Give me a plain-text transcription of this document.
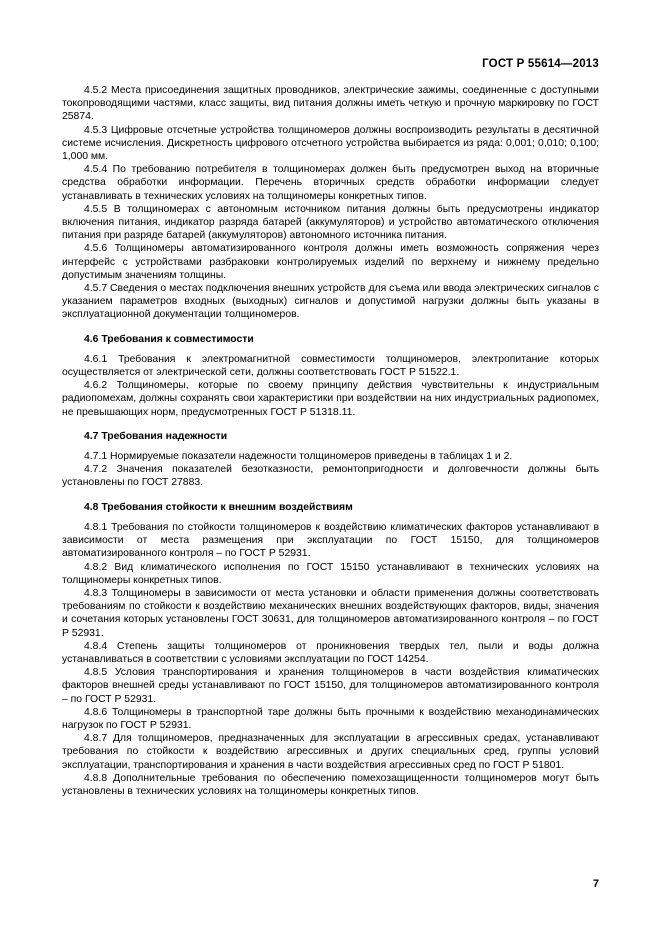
ГОСТ Р 55614—2013

4.5.2 Места присоединения защитных проводников, электрические зажимы, соединенные с доступными токопроводящими частями, класс защиты, вид питания должны иметь четкую и прочную маркировку по ГОСТ 25874.

4.5.3 Цифровые отсчетные устройства толщиномеров должны воспроизводить результаты в десятичной системе исчисления. Дискретность цифрового отсчетного устройства выбирается из ряда: 0,001; 0,010; 0,100; 1,000 мм.

4.5.4 По требованию потребителя в толщиномерах должен быть предусмотрен выход на вторичные средства обработки информации. Перечень вторичных средств обработки информации следует устанавливать в технических условиях на толщиномеры конкретных типов.

4.5.5 В толщиномерах с автономным источником питания должны быть предусмотрены индикатор включения питания, индикатор разряда батарей (аккумуляторов) и устройство автоматического отключения питания при разряде батарей (аккумуляторов) автономного источника питания.

4.5.6 Толщиномеры автоматизированного контроля должны иметь возможность сопряжения через интерфейс с устройствами разбраковки контролируемых изделий по верхнему и нижнему предельно допустимым значениям толщины.

4.5.7 Сведения о местах подключения внешних устройств для съема или ввода электрических сигналов с указанием параметров входных (выходных) сигналов и допустимой нагрузки должны быть указаны в эксплуатационной документации толщиномеров.

4.6 Требования к совместимости

4.6.1 Требования к электромагнитной совместимости толщиномеров, электропитание которых осуществляется от электрической сети, должны соответствовать ГОСТ Р 51522.1.

4.6.2 Толщиномеры, которые по своему принципу действия чувствительны к индустриальным радиопомехам, должны сохранять свои характеристики при воздействии на них индустриальных радиопомех, не превышающих норм, предусмотренных ГОСТ Р 51318.11.

4.7 Требования надежности

4.7.1 Нормируемые показатели надежности толщиномеров приведены в таблицах 1 и 2.

4.7.2 Значения показателей безотказности, ремонтопригодности и долговечности должны быть установлены по ГОСТ 27883.

4.8 Требования стойкости к внешним воздействиям

4.8.1 Требования по стойкости толщиномеров к воздействию климатических факторов устанавливают в зависимости от места размещения при эксплуатации по ГОСТ 15150, для толщиномеров автоматизированного контроля – по ГОСТ Р 52931.

4.8.2 Вид климатического исполнения по ГОСТ 15150 устанавливают в технических условиях на толщиномеры конкретных типов.

4.8.3 Толщиномеры в зависимости от места установки и области применения должны соответствовать требованиям по стойкости к воздействию механических внешних воздействующих факторов, виды, значения и сочетания которых установлены ГОСТ 30631, для толщиномеров автоматизированного контроля – по ГОСТ Р 52931.

4.8.4 Степень защиты толщиномеров от проникновения твердых тел, пыли и воды должна устанавливаться в соответствии с условиями эксплуатации по ГОСТ 14254.

4.8.5 Условия транспортирования и хранения толщиномеров в части воздействия климатических факторов внешней среды устанавливают по ГОСТ 15150, для толщиномеров автоматизированного контроля – по ГОСТ Р 52931.

4.8.6 Толщиномеры в транспортной таре должны быть прочными к воздействию механодинамических нагрузок по ГОСТ Р 52931.

4.8.7 Для толщиномеров, предназначенных для эксплуатации в агрессивных средах, устанавливают требования по стойкости к воздействию агрессивных и других специальных сред, группы условий эксплуатации, транспортирования и хранения в части воздействия агрессивных сред по ГОСТ Р 51801.

4.8.8 Дополнительные требования по обеспечению помехозащищенности толщиномеров могут быть установлены в технических условиях на толщиномеры конкретных типов.

7
